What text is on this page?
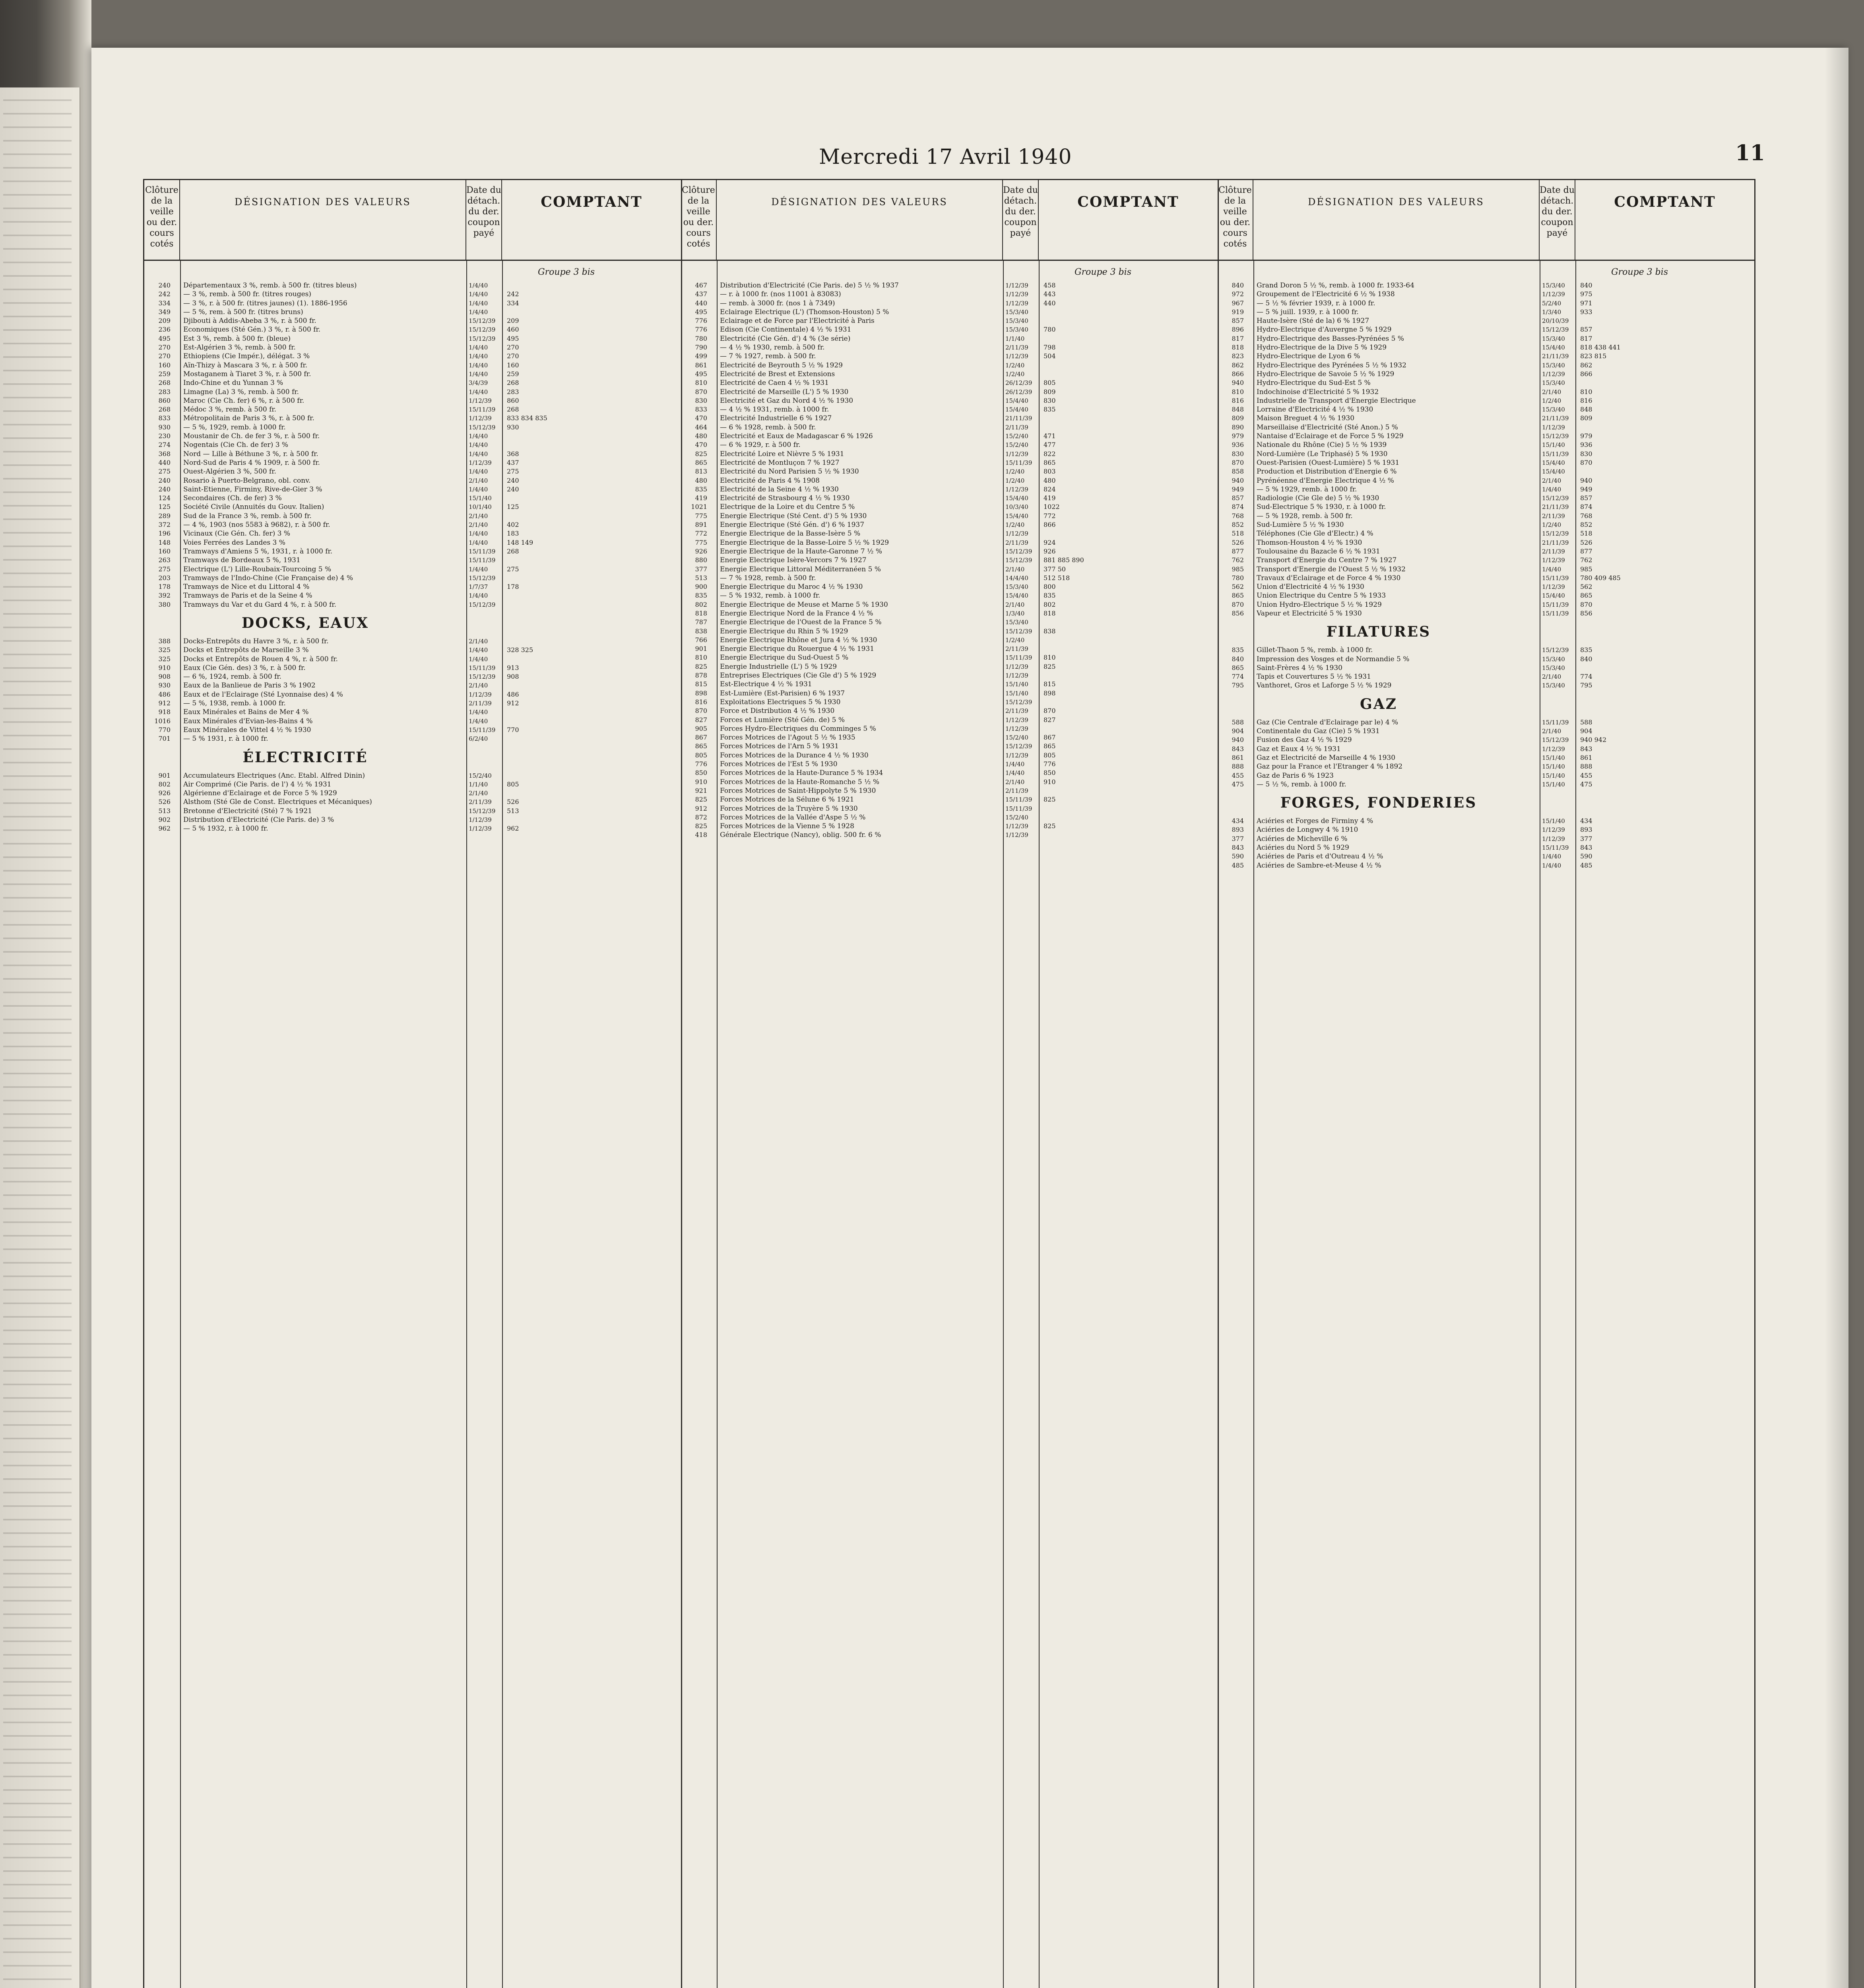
Mercredi 17 Avril 1940	11
Clôture de la veille ou der. cours cotés
DÉSIGNATION DES VALEURS
Date du détach. du der. coupon payé
COMPTANT
Groupe 3 bis
240 Départementaux 3 %, remb. à 500 fr. (titres bleus)	1/4/40
242 — 3 %, remb. à 500 fr. (titres rouges)	1/4/40	242
334 — 3 %, r. à 500 fr. (titres jaunes) (1). 1886-1956	1/4/40	334
349 — 5 %, rem. à 500 fr. (titres bruns)	1/4/40
209 Djibouti à Addis-Abeba 3 %, r. à 500 fr.	15/12/39 209
236 Economiques (Sté Gén.) 3 %, r. à 500 fr.	15/12/39 460
495 Est 3 %, remb. à 500 fr. (bleue)	15/12/39 495
270 Est-Algérien 3 %, remb. à 500 fr.	1/4/40	270
270 Ethiopiens (Cie Impér.), délégat. 3 %	1/4/40	270
160 Aïn-Thizy à Mascara 3 %, r. à 500 fr.	1/4/40	160
259 Mostaganem à Tiaret 3 %, r. à 500 fr.	1/4/40	259
268 Indo-Chine et du Yunnan 3 %	3/4/39	268
283 Limagne (La) 3 %, remb. à 500 fr.	1/4/40	283
860 Maroc (Cie Ch. fer) 6 %, r. à 500 fr.	1/12/39 860
268 Médoc 3 %, remb. à 500 fr.	15/11/39 268
833 Métropolitain de Paris 3 %, r. à 500 fr.	1/12/39 833 834 835
930 — 5 %, 1929, remb. à 1000 fr.	15/12/39 930
230 Moustanir de Ch. de fer 3 %, r. à 500 fr.	1/4/40
274 Nogentais (Cie Ch. de fer) 3 %	1/4/40
368 Nord — Lille à Béthune 3 %, r. à 500 fr.	1/4/40	368
440 Nord-Sud de Paris 4 % 1909, r. à 500 fr.	1/12/39 437
275 Ouest-Algérien 3 %, 500 fr.	1/4/40	275
240 Rosario à Puerto-Belgrano, obl. conv.	2/1/40	240
240 Saint-Etienne, Firminy, Rive-de-Gier 3 %	1/4/40	240
124 Secondaires (Ch. de fer) 3 %	15/1/40
125 Société Civile (Annuités du Gouv. Italien)	10/1/40 125
289 Sud de la France 3 %, remb. à 500 fr.	2/1/40
372 — 4 %, 1903 (nos 5583 à 9682), r. à 500 fr.	2/1/40	402
196 Vicinaux (Cie Gén. Ch. fer) 3 %	1/4/40	183
148 Voies Ferrées des Landes 3 %	1/4/40	148 149
160 Tramways d'Amiens 5 %, 1931, r. à 1000 fr.	15/11/39 268
263 Tramways de Bordeaux 5 %, 1931	15/11/39
275 Electrique (L') Lille-Roubaix-Tourcoing 5 %	1/4/40	275
203 Tramways de l'Indo-Chine (Cie Française de) 4 %	15/12/39
178 Tramways de Nice et du Littoral 4 %	1/7/37	178
392 Tramways de Paris et de la Seine 4 %	1/4/40
380 Tramways du Var et du Gard 4 %, r. à 500 fr.	15/12/39
DOCKS, EAUX
388 Docks-Entrepôts du Havre 3 %, r. à 500 fr.	2/1/40
325 Docks et Entrepôts de Marseille 3 %	1/4/40	328 325
325 Docks et Entrepôts de Rouen 4 %, r. à 500 fr.	1/4/40
910 Eaux (Cie Gén. des) 3 %, r. à 500 fr.	15/11/39 913
908 — 6 %, 1924, remb. à 500 fr.	15/12/39 908
930 Eaux de la Banlieue de Paris 3 % 1902	2/1/40
486 Eaux et de l'Eclairage (Sté Lyonnaise des) 4 %	1/12/39 486
912 — 5 %, 1938, remb. à 1000 fr.	2/11/39 912
918 Eaux Minérales et Bains de Mer 4 %	1/4/40
1016 Eaux Minérales d'Evian-les-Bains 4 %	1/4/40
770 Eaux Minérales de Vittel 4 ½ % 1930	15/11/39 770
701 — 5 % 1931, r. à 1000 fr.	6/2/40
ÉLECTRICITÉ
901 Accumulateurs Electriques (Anc. Etabl. Alfred Dinin)	15/2/40
802 Air Comprimé (Cie Paris. de l') 4 ½ % 1931	1/1/40	805
926 Algérienne d'Eclairage et de Force 5 % 1929	2/1/40
526 Alsthom (Sté Gle de Const. Electriques et Mécaniques)	2/11/39 526
513 Bretonne d'Electricité (Sté) 7 % 1921	15/12/39 513
902 Distribution d'Electricité (Cie Paris. de) 3 %	1/12/39
962 — 5 % 1932, r. à 1000 fr.	1/12/39 962
Clôture de la veille ou der. cours cotés
DÉSIGNATION DES VALEURS
Date du détach. du der. coupon payé
COMPTANT
Groupe 3 bis
467 Distribution d'Electricité (Cie Paris. de) 5 ½ % 1937	1/12/39 458
437 — r. à 1000 fr. (nos 11001 à 83083)	1/12/39 443
440 — remb. à 3000 fr. (nos 1 à 7349)	1/12/39 440
495 Eclairage Electrique (L') (Thomson-Houston) 5 %	15/3/40
776 Eclairage et de Force par l'Electricité à Paris	15/3/40
776 Edison (Cie Continentale) 4 ½ % 1931	15/3/40 780
780 Electricité (Cie Gén. d') 4 % (3e série)	1/1/40
790 — 4 ½ % 1930, remb. à 500 fr.	2/11/39 798
499 — 7 % 1927, remb. à 500 fr.	1/12/39 504
861 Electricité de Beyrouth 5 ½ % 1929	1/2/40
495 Electricité de Brest et Extensions	1/2/40
810 Electricité de Caen 4 ½ % 1931	26/12/39 805
870 Electricité de Marseille (L') 5 % 1930	26/12/39 809
830 Electricité et Gaz du Nord 4 ½ % 1930	15/4/40 830
833 — 4 ½ % 1931, remb. à 1000 fr.	15/4/40 835
470 Electricité Industrielle 6 % 1927	21/11/39
464 — 6 % 1928, remb. à 500 fr.	2/11/39
480 Electricité et Eaux de Madagascar 6 % 1926	15/2/40 471
470 — 6 % 1929, r. à 500 fr.	15/2/40 477
825 Electricité Loire et Nièvre 5 % 1931	1/12/39 822
865 Electricité de Montluçon 7 % 1927	15/11/39 865
813 Electricité du Nord Parisien 5 ½ % 1930	1/2/40	803
480 Electricité de Paris 4 % 1908	1/2/40	480
835 Electricité de la Seine 4 ½ % 1930	1/12/39 824
419 Electricité de Strasbourg 4 ½ % 1930	15/4/40 419
1021 Electrique de la Loire et du Centre 5 %	10/3/40 1022
775 Energie Electrique (Sté Cent. d') 5 % 1930	15/4/40 772
891 Energie Electrique (Sté Gén. d') 6 % 1937	1/2/40	866
772 Energie Electrique de la Basse-Isère 5 %	1/12/39
775 Energie Electrique de la Basse-Loire 5 ½ % 1929	2/11/39 924
926 Energie Electrique de la Haute-Garonne 7 ½ %	15/12/39 926
880 Energie Electrique Isère-Vercors 7 % 1927	15/12/39 881 885 890
377 Energie Electrique Littoral Méditerranéen 5 %	2/1/40	377 50
513 — 7 % 1928, remb. à 500 fr.	14/4/40 512 518
900 Energie Electrique du Maroc 4 ½ % 1930	15/3/40 800
835 — 5 % 1932, remb. à 1000 fr.	15/4/40 835
802 Energie Electrique de Meuse et Marne 5 % 1930	2/1/40	802
818 Energie Electrique Nord de la France 4 ½ %	1/3/40	818
787 Energie Electrique de l'Ouest de la France 5 %	15/3/40
838 Energie Electrique du Rhin 5 % 1929	15/12/39 838
766 Energie Electrique Rhône et Jura 4 ½ % 1930	1/2/40
901 Energie Electrique du Rouergue 4 ½ % 1931	2/11/39
810 Energie Electrique du Sud-Ouest 5 %	15/11/39 810
825 Energie Industrielle (L') 5 % 1929	1/12/39 825
878 Entreprises Electriques (Cie Gle d') 5 % 1929	1/12/39
815 Est-Electrique 4 ½ % 1931	15/1/40 815
898 Est-Lumière (Est-Parisien) 6 % 1937	15/1/40 898
816 Exploitations Electriques 5 % 1930	15/12/39
870 Force et Distribution 4 ½ % 1930	2/11/39 870
827 Forces et Lumière (Sté Gén. de) 5 %	1/12/39 827
905 Forces Hydro-Electriques du Comminges 5 %	1/12/39
867 Forces Motrices de l'Agout 5 ½ % 1935	15/2/40 867
865 Forces Motrices de l'Arn 5 % 1931	15/12/39 865
805 Forces Motrices de la Durance 4 ½ % 1930	1/12/39 805
776 Forces Motrices de l'Est 5 % 1930	1/4/40	776
850 Forces Motrices de la Haute-Durance 5 % 1934	1/4/40	850
910 Forces Motrices de la Haute-Romanche 5 ½ %	2/1/40	910
921 Forces Motrices de Saint-Hippolyte 5 % 1930	2/11/39
825 Forces Motrices de la Sélune 6 % 1921	15/11/39 825
912 Forces Motrices de la Truyère 5 % 1930	15/11/39
872 Forces Motrices de la Vallée d'Aspe 5 ½ %	15/2/40
825 Forces Motrices de la Vienne 5 % 1928	1/12/39 825
418 Générale Electrique (Nancy), oblig. 500 fr. 6 %	1/12/39
Clôture de la veille ou der. cours cotés
DÉSIGNATION DES VALEURS
Date du détach. du der. coupon payé
COMPTANT
Groupe 3 bis
840 Grand Doron 5 ½ %, remb. à 1000 fr. 1933-64	15/3/40 840
972 Groupement de l'Electricité 6 ½ % 1938	1/12/39 975
967 — 5 ½ % février 1939, r. à 1000 fr.	5/2/40	971
919 — 5 % juill. 1939, r. à 1000 fr.	1/3/40	933
857 Haute-Isère (Sté de la) 6 % 1927	20/10/39
896 Hydro-Electrique d'Auvergne 5 % 1929	15/12/39 857
817 Hydro-Electrique des Basses-Pyrénées 5 %	15/3/40 817
818 Hydro-Electrique de la Dive 5 % 1929	15/4/40 818 438 441
823 Hydro-Electrique de Lyon 6 %	21/11/39 823 815
862 Hydro-Electrique des Pyrénées 5 ½ % 1932	15/3/40 862
866 Hydro-Electrique de Savoie 5 ½ % 1929	1/12/39 866
940 Hydro-Electrique du Sud-Est 5 %	15/3/40
810 Indochinoise d'Electricité 5 % 1932	2/1/40	810
816 Industrielle de Transport d'Energie Electrique	1/2/40	816
848 Lorraine d'Electricité 4 ½ % 1930	15/3/40 848
809 Maison Breguet 4 ½ % 1930	21/11/39 809
890 Marseillaise d'Electricité (Sté Anon.) 5 %	1/12/39
979 Nantaise d'Eclairage et de Force 5 % 1929	15/12/39 979
936 Nationale du Rhône (Cie) 5 ½ % 1939	15/1/40 936
830 Nord-Lumière (Le Triphasé) 5 % 1930	15/11/39 830
870 Ouest-Parisien (Ouest-Lumière) 5 % 1931	15/4/40 870
858 Production et Distribution d'Energie 6 %	15/4/40
940 Pyrénéenne d'Energie Electrique 4 ½ %	2/1/40	940
949 — 5 % 1929, remb. à 1000 fr.	1/4/40	949
857 Radiologie (Cie Gle de) 5 ½ % 1930	15/12/39 857
874 Sud-Electrique 5 % 1930, r. à 1000 fr.	21/11/39 874
768 — 5 % 1928, remb. à 500 fr.	2/11/39 768
852 Sud-Lumière 5 ½ % 1930	1/2/40	852
518 Téléphones (Cie Gle d'Electr.) 4 %	15/12/39 518
526 Thomson-Houston 4 ½ % 1930	21/11/39 526
877 Toulousaine du Bazacle 6 ½ % 1931	2/11/39 877
762 Transport d'Energie du Centre 7 % 1927	1/12/39 762
985 Transport d'Energie de l'Ouest 5 ½ % 1932	1/4/40	985
780 Travaux d'Eclairage et de Force 4 % 1930	15/11/39 780 409 485
562 Union d'Electricité 4 ½ % 1930	1/12/39 562
865 Union Electrique du Centre 5 % 1933	15/4/40 865
870 Union Hydro-Electrique 5 ½ % 1929	15/11/39 870
856 Vapeur et Electricité 5 % 1930	15/11/39 856
FILATURES
835 Gillet-Thaon 5 %, remb. à 1000 fr.	15/12/39 835
840 Impression des Vosges et de Normandie 5 %	15/3/40 840
865 Saint-Frères 4 ½ % 1930	15/3/40
774 Tapis et Couvertures 5 ½ % 1931	2/1/40	774
795 Vanthoret, Gros et Laforge 5 ½ % 1929	15/3/40 795
GAZ
588 Gaz (Cie Centrale d'Eclairage par le) 4 %	15/11/39 588
904 Continentale du Gaz (Cie) 5 % 1931	2/1/40	904
940 Fusion des Gaz 4 ½ % 1929	15/12/39 940 942
843 Gaz et Eaux 4 ½ % 1931	1/12/39 843
861 Gaz et Electricité de Marseille 4 % 1930	15/1/40 861
888 Gaz pour la France et l'Etranger 4 % 1892	15/1/40 888
455 Gaz de Paris 6 % 1923	15/1/40 455
475 — 5 ½ %, remb. à 1000 fr.	15/1/40 475
FORGES, FONDERIES
434 Aciéries et Forges de Firminy 4 %	15/1/40 434
893 Aciéries de Longwy 4 % 1910	1/12/39 893
377 Aciéries de Micheville 6 %	1/12/39 377
843 Aciéries du Nord 5 % 1929	15/11/39 843
590 Aciéries de Paris et d'Outreau 4 ½ %	1/4/40	590
485 Aciéries de Sambre-et-Meuse 4 ½ %	1/4/40	485
